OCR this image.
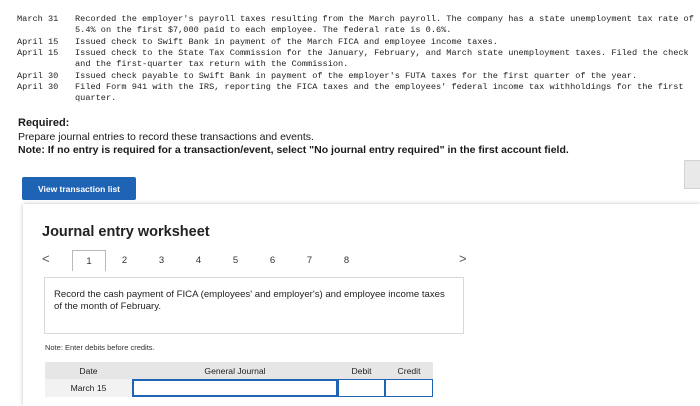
March 31	Recorded the employer's payroll taxes resulting from the March payroll. The company has a state unemployment tax rate of 5.4% on the first $7,000 paid to each employee. The federal rate is 0.6%.
April 15	Issued check to Swift Bank in payment of the March FICA and employee income taxes.
April 15	Issued check to the State Tax Commission for the January, February, and March state unemployment taxes. Filed the check and the first-quarter tax return with the Commission.
April 30	Issued check payable to Swift Bank in payment of the employer's FUTA taxes for the first quarter of the year.
April 30	Filed Form 941 with the IRS, reporting the FICA taxes and the employees' federal income tax withholdings for the first quarter.
Required:
Prepare journal entries to record these transactions and events.
Note: If no entry is required for a transaction/event, select "No journal entry required" in the first account field.
View transaction list
Journal entry worksheet
<	1	2	3	4	5	6	7	8	>
Record the cash payment of FICA (employees' and employer's) and employee income taxes of the month of February.
Note: Enter debits before credits.
Date	General Journal	Debit	Credit
March 15
